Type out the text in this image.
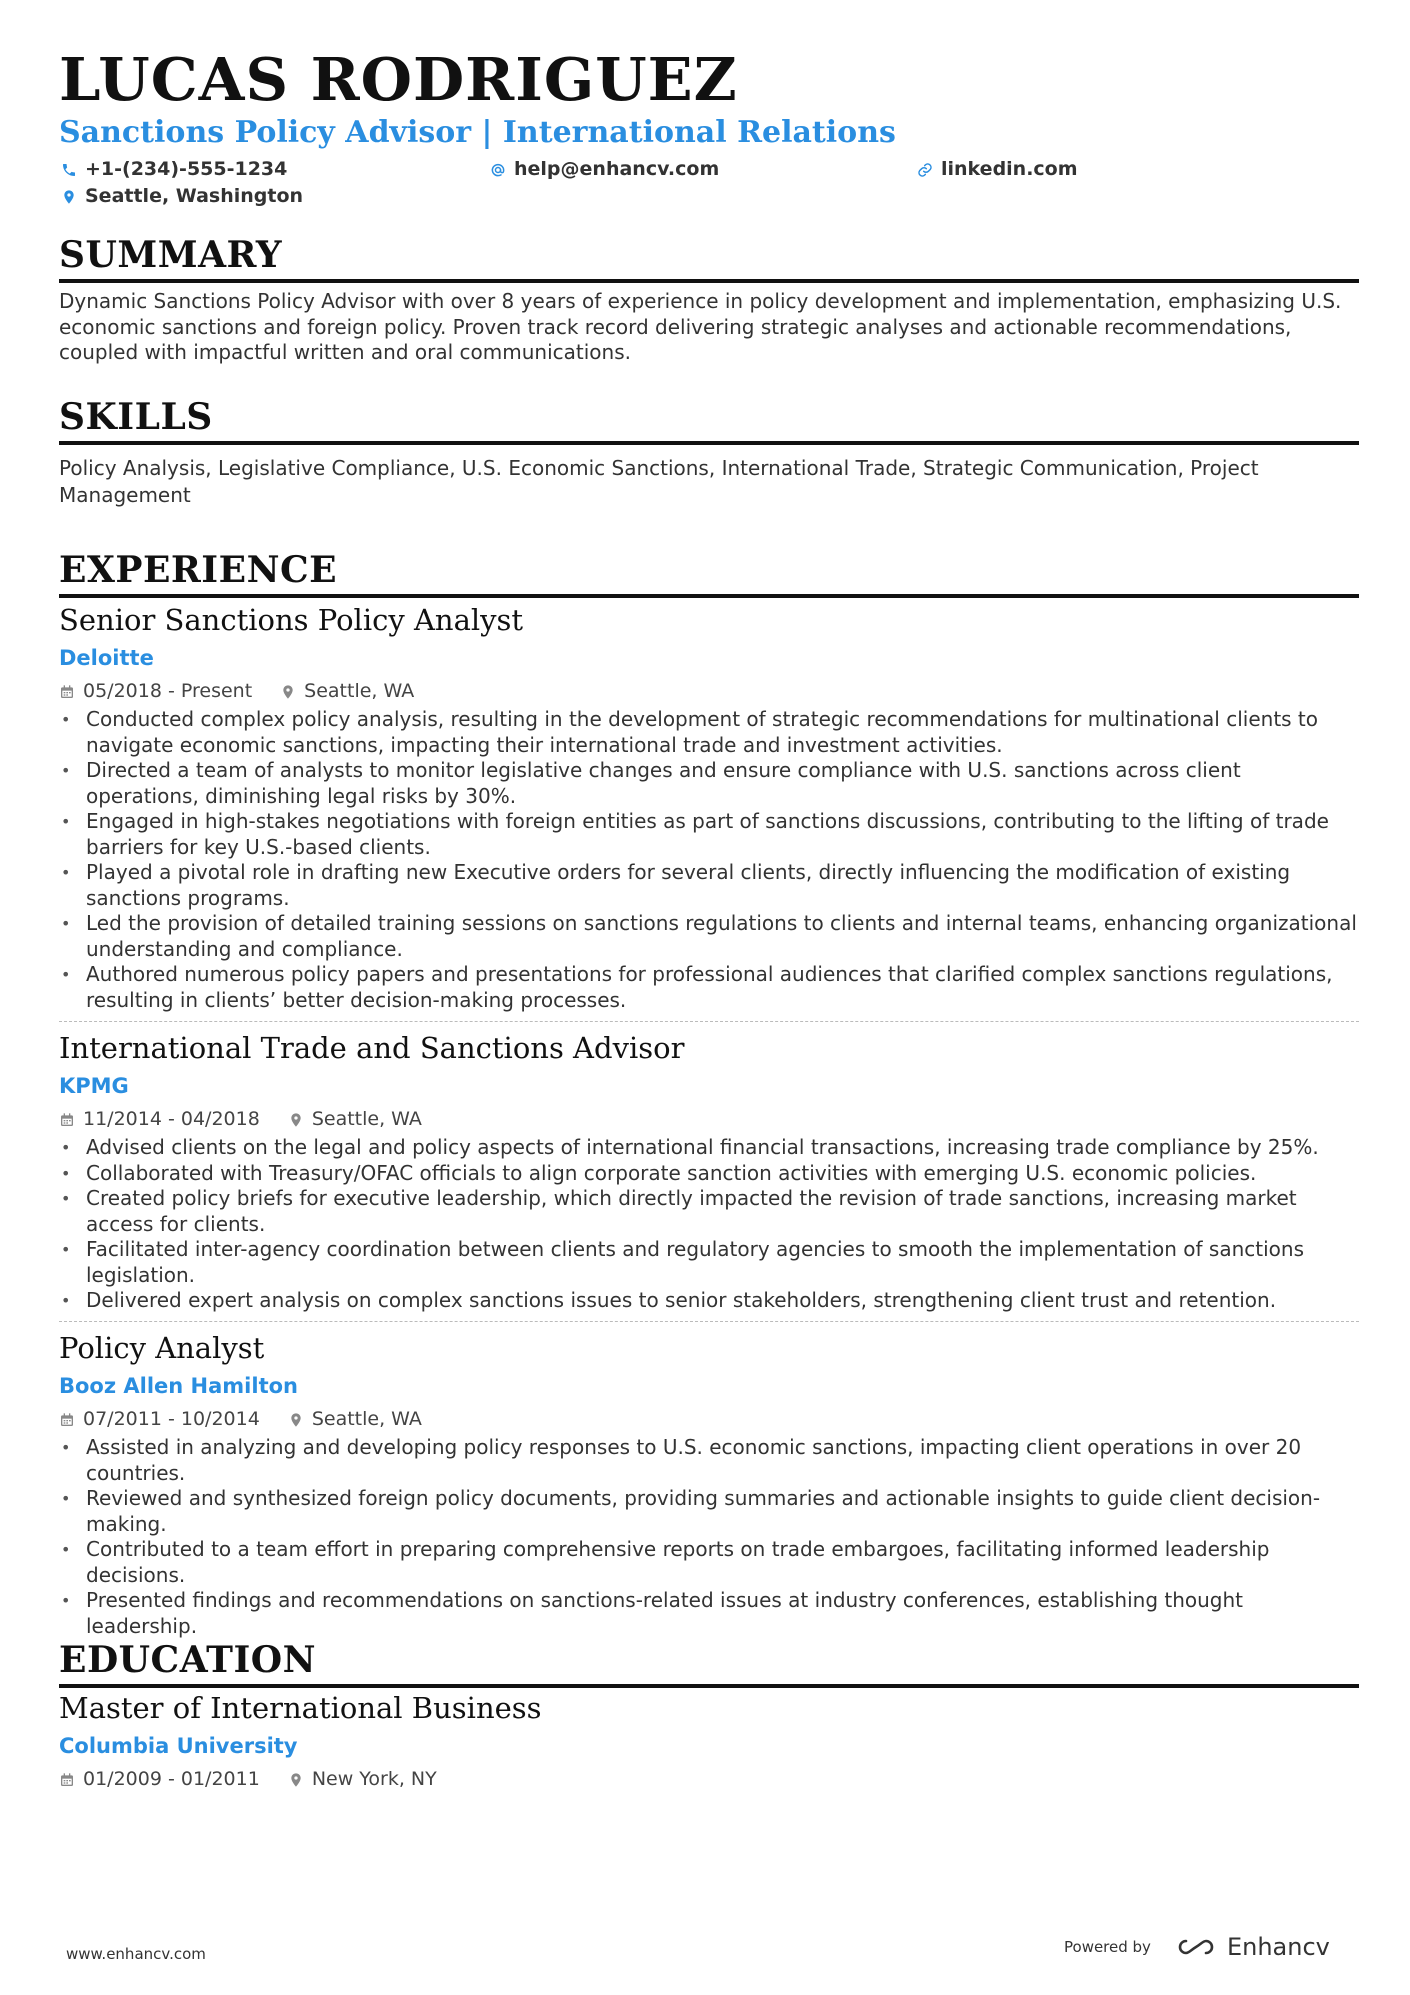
LUCAS RODRIGUEZ
Sanctions Policy Advisor | International Relations
+1-(234)-555-1234	help@enhancv.com	linkedin.com
Seattle, Washington
SUMMARY
Dynamic Sanctions Policy Advisor with over 8 years of experience in policy development and implementation, emphasizing U.S. economic sanctions and foreign policy. Proven track record delivering strategic analyses and actionable recommendations, coupled with impactful written and oral communications.
SKILLS
Policy Analysis, Legislative Compliance, U.S. Economic Sanctions, International Trade, Strategic Communication, Project Management
EXPERIENCE
Senior Sanctions Policy Analyst
Deloitte
05/2018 - Present	Seattle, WA
• Conducted complex policy analysis, resulting in the development of strategic recommendations for multinational clients to navigate economic sanctions, impacting their international trade and investment activities.
• Directed a team of analysts to monitor legislative changes and ensure compliance with U.S. sanctions across client operations, diminishing legal risks by 30%.
• Engaged in high-stakes negotiations with foreign entities as part of sanctions discussions, contributing to the lifting of trade barriers for key U.S.-based clients.
• Played a pivotal role in drafting new Executive orders for several clients, directly influencing the modification of existing sanctions programs.
• Led the provision of detailed training sessions on sanctions regulations to clients and internal teams, enhancing organizational understanding and compliance.
• Authored numerous policy papers and presentations for professional audiences that clarified complex sanctions regulations, resulting in clients’ better decision-making processes.
International Trade and Sanctions Advisor
KPMG
11/2014 - 04/2018	Seattle, WA
• Advised clients on the legal and policy aspects of international financial transactions, increasing trade compliance by 25%.
• Collaborated with Treasury/OFAC officials to align corporate sanction activities with emerging U.S. economic policies.
• Created policy briefs for executive leadership, which directly impacted the revision of trade sanctions, increasing market access for clients.
• Facilitated inter-agency coordination between clients and regulatory agencies to smooth the implementation of sanctions legislation.
• Delivered expert analysis on complex sanctions issues to senior stakeholders, strengthening client trust and retention.
Policy Analyst
Booz Allen Hamilton
07/2011 - 10/2014	Seattle, WA
• Assisted in analyzing and developing policy responses to U.S. economic sanctions, impacting client operations in over 20 countries.
• Reviewed and synthesized foreign policy documents, providing summaries and actionable insights to guide client decision-making.
• Contributed to a team effort in preparing comprehensive reports on trade embargoes, facilitating informed leadership decisions.
• Presented findings and recommendations on sanctions-related issues at industry conferences, establishing thought leadership.
EDUCATION
Master of International Business
Columbia University
01/2009 - 01/2011	New York, NY
www.enhancv.com	Powered by	Enhancv
